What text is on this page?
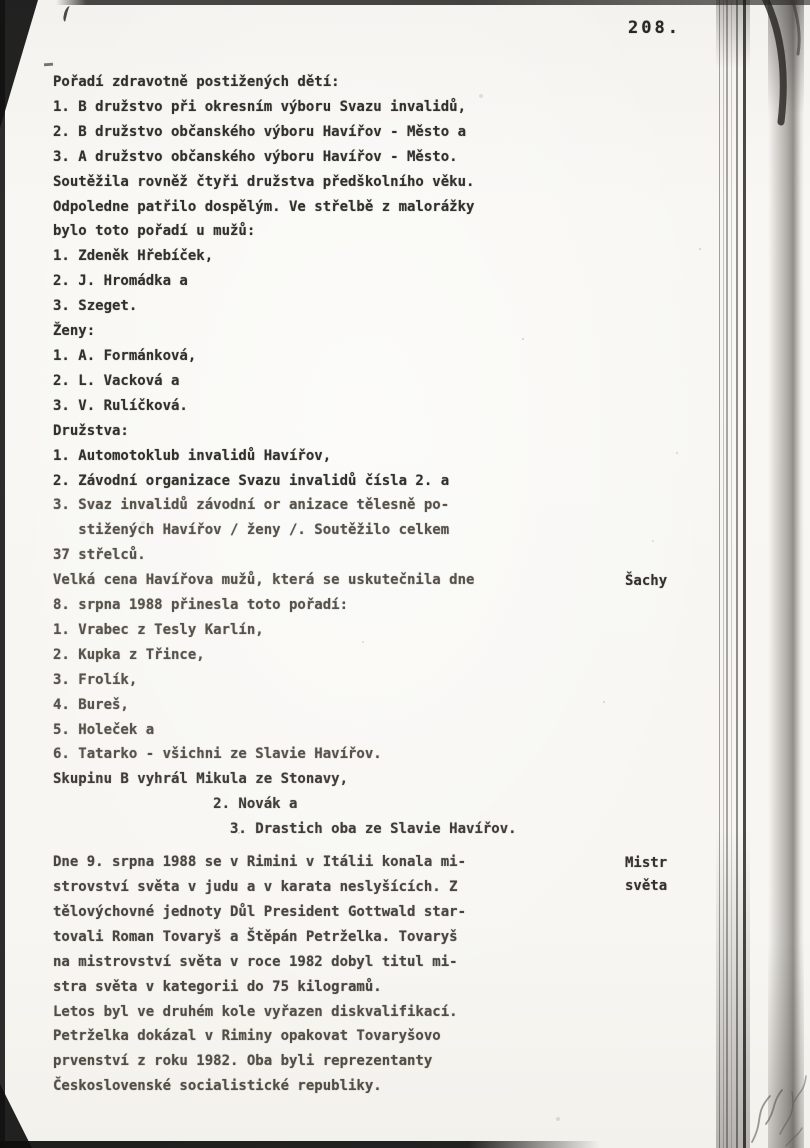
208.
Pořadí zdravotně postižených dětí:
1. B družstvo při okresním výboru Svazu invalidů,
2. B družstvo občanského výboru Havířov - Město a
3. A družstvo občanského výboru Havířov - Město.
Soutěžila rovněž čtyři družstva předškolního věku.
Odpoledne patřilo dospělým. Ve střelbě z malorážky
bylo toto pořadí u mužů:
1. Zdeněk Hřebíček,
2. J. Hromádka a
3. Szeget.
Ženy:
1. A. Formánková,
2. L. Vacková a
3. V. Rulíčková.
Družstva:
1. Automotoklub invalidů Havířov,
2. Závodní organizace Svazu invalidů čísla 2. a
3. Svaz invalidů závodní or anizace tělesně po-
stižených Havířov / ženy /. Soutěžilo celkem
37 střelců.
Velká cena Havířova mužů, která se uskutečnila dne
8. srpna 1988 přinesla toto pořadí:
1. Vrabec z Tesly Karlín,
2. Kupka z Třince,
3. Frolík,
4. Bureš,
5. Holeček a
6. Tatarko - všichni ze Slavie Havířov.
Skupinu B vyhrál Mikula ze Stonavy,
2. Novák a
3. Drastich oba ze Slavie Havířov.
Dne 9. srpna 1988 se v Rimini v Itálii konala mi-
strovství světa v judu a v karata neslyšících. Z
tělovýchovné jednoty Důl President Gottwald star-
tovali Roman Tovaryš a Štěpán Petrželka. Tovaryš
na mistrovství světa v roce 1982 dobyl titul mi-
stra světa v kategorii do 75 kilogramů.
Letos byl ve druhém kole vyřazen diskvalifikací.
Petrželka dokázal v Riminy opakovat Tovaryšovo
prvenství z roku 1982. Oba byli reprezentanty
Československé socialistické republiky.
Šachy
Mistr
světa
